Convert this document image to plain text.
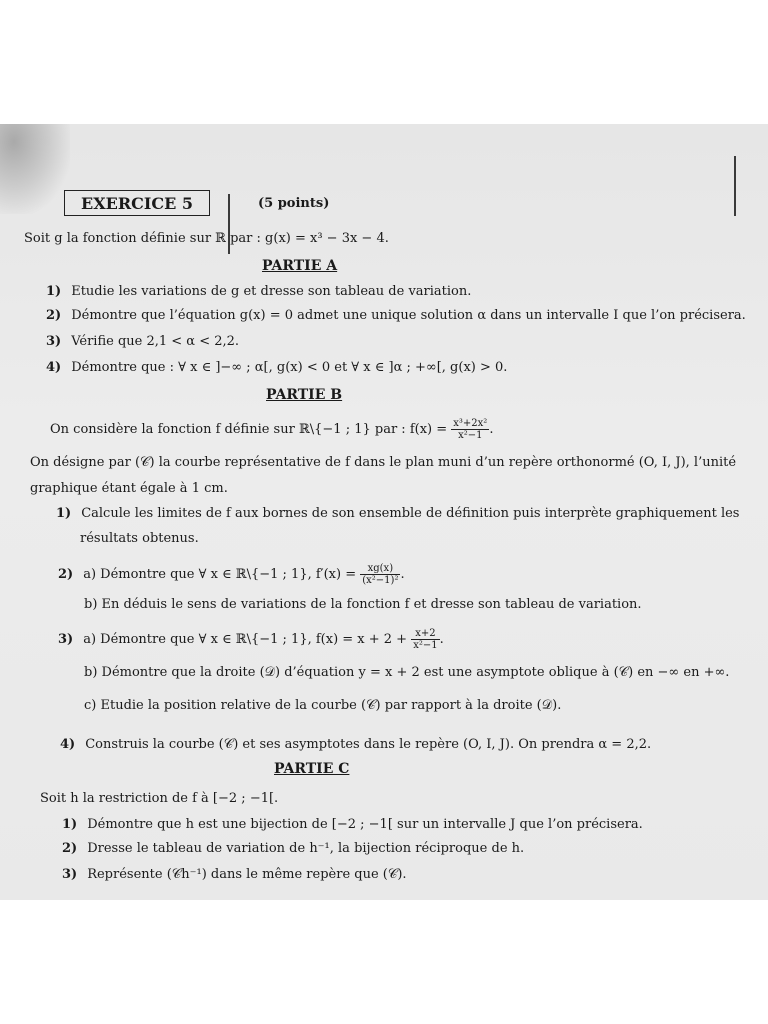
EXERCICE 5	(5 points)
Soit g la fonction définie sur ℝ par : g(x) = x³ − 3x − 4.
PARTIE A
1) Etudie les variations de g et dresse son tableau de variation.
2) Démontre que l’équation g(x) = 0 admet une unique solution α dans un intervalle I que l’on précisera.
3) Vérifie que 2,1 < α < 2,2.
4) Démontre que : ∀ x ∈ ]−∞ ; α[, g(x) < 0 et ∀ x ∈ ]α ; +∞[, g(x) > 0.
PARTIE B
On considère la fonction f définie sur ℝ\{−1 ; 1} par : $f(x) = \frac{\text{x³+2x²}}{\text{x²−1}}$ .
On désigne par (𝒞) la courbe représentative de f dans le plan muni d’un repère orthonormé (O, I, J), l’unité
graphique étant égale à 1 cm.
1) Calcule les limites de f aux bornes de son ensemble de définition puis interprète graphiquement les
résultats obtenus.
2) a) Démontre que ∀ x ∈ ℝ\{−1 ; 1}, $f'(x) = \frac{xg(x)}{\text{(x²−1)²}}$ .
b) En déduis le sens de variations de la fonction f et dresse son tableau de variation.
3) a) Démontre que ∀ x ∈ ℝ\{−1 ; 1}, $f(x) = x + 2 + \frac{x+2}{\text{x²−1}}$ .
b) Démontre que la droite (𝒟) d’équation y = x + 2 est une asymptote oblique à (𝒞) en −∞ en +∞.
c) Etudie la position relative de la courbe (𝒞) par rapport à la droite (𝒟).
4) Construis la courbe (𝒞) et ses asymptotes dans le repère (O, I, J). On prendra α = 2,2.
PARTIE C
Soit h la restriction de f à [−2 ; −1[.
1) Démontre que h est une bijection de [−2 ; −1[ sur un intervalle J que l’on précisera.
2) Dresse le tableau de variation de h⁻¹, la bijection réciproque de h.
3) Représente (𝒞h⁻¹) dans le même repère que (𝒞).
